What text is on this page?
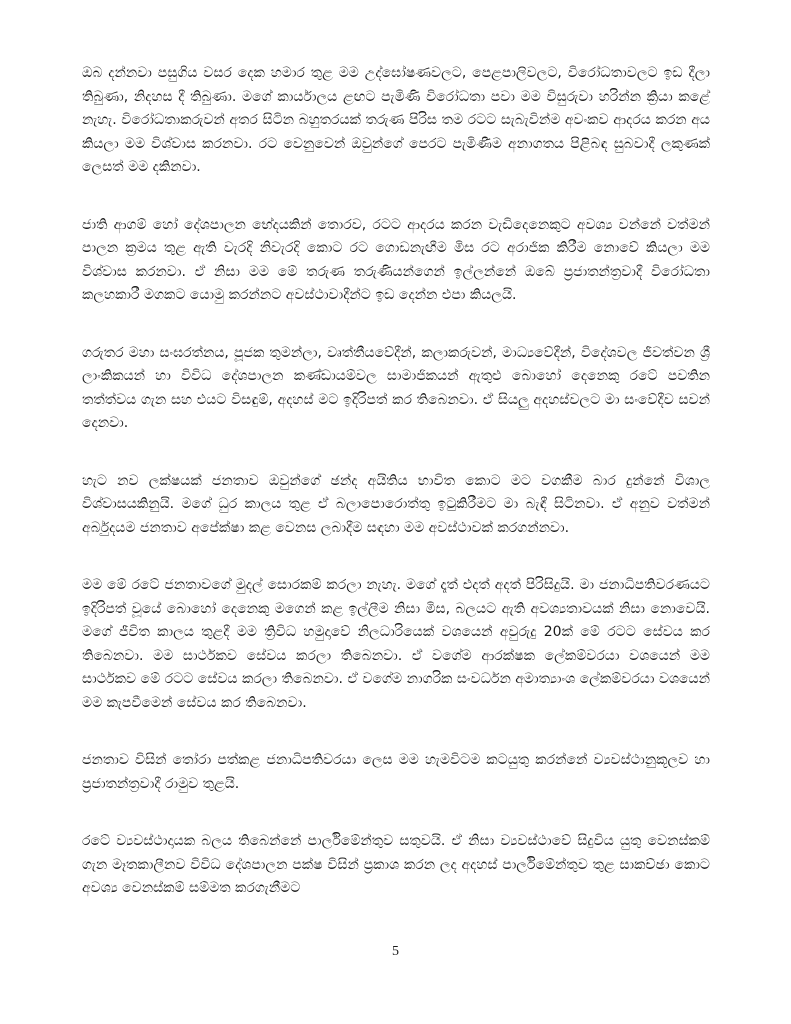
ඔබ දන්නවා පසුගිය වසර දෙක හමාර තුළ මම උද්ඝෝෂණවලට, පෙළපාලිවලට, විරෝධතාවලට ඉඩ දීලා තිබුණා, නිදහස දී තිබුණා. මගේ කාර්යාලය ළඟට පැමිණි විරෝධතා පවා මම විසුරුවා හරින්න ක්‍රියා කළේ නැහැ. විරෝධතාකරුවන් අතර සිටින බහුතරයක් තරුණ පිරිස තම රටට සැබැවින්ම අවංකව ආදරය කරන අය කියලා මම විශ්වාස කරනවා. රට වෙනුවෙන් ඔවුන්ගේ පෙරට පැමිණීම අනාගතය පිළිබඳ සුබවාදී ලකුණක් ලෙසත් මම දකිනවා.

ජාති ආගම් හෝ දේශපාලන භේදයකින් තොරව, රටට ආදරය කරන වැඩිදෙනෙකුට අවශ්‍ය වන්නේ වත්මන් පාලන ක්‍රමය තුළ ඇති වැරදි නිවැරදි කොට රට ගොඩනැඟීම මිස රට අරාජික කිරීම නොවේ කියලා මම විශ්වාස කරනවා. ඒ නිසා මම මේ තරුණ තරුණියන්ගෙන් ඉල්ලන්නේ ඔබේ ප්‍රජාතන්ත්‍රවාදී විරෝධතා කලහකාරී මගකට යොමු කරන්නට අවස්ථාවාදීන්ට ඉඩ දෙන්න එපා කියලයි.

ගරුතර මහා සංඝරත්නය, පූජක තුමන්ලා, වෘත්තීයවේදීන්, කලාකරුවන්, මාධ්‍යවේදීන්, විදේශවල ජීවත්වන ශ්‍රී ලාංකිකයන් හා විවිධ දේශපාලන කණ්ඩායම්වල සාමාජිකයන් ඇතුළු බොහෝ දෙනෙකු රටේ පවතින තත්ත්වය ගැන සහ එයට විසඳුම්, අදහස් මට ඉදිරිපත් කර තිබෙනවා. ඒ සියලු අදහස්වලට මා සංවේදීව සවන් දෙනවා.

හැට නව ලක්ෂයක් ජනතාව ඔවුන්ගේ ඡන්ද අයිතිය භාවිත කොට මට වගකීම බාර දුන්නේ විශාල විශ්වාසයකිනුයි. මගේ ධුර කාලය තුළ ඒ බලාපොරොත්තු ඉටුකිරීමට මා බැඳී සිටිනවා. ඒ අනුව වත්මන් අර්බුදයම ජනතාව අපේක්ෂා කළ වෙනස ලබාදීම සඳහා මම අවස්ථාවක් කරගන්නවා.

මම මේ රටේ ජනතාවගේ මුදල් සොරකම් කරලා නැහැ. මගේ දෑත් එදත් අදත් පිරිසිදුයි. මා ජනාධිපතිවරණයට ඉදිරිපත් වූයේ බොහෝ දෙනෙකු මගෙන් කළ ඉල්ලීම නිසා මිස, බලයට ඇති අවශ්‍යතාවයක් නිසා නොවෙයි. මගේ ජීවිත කාලය තුළදී මම ත්‍රිවිධ හමුදාවේ නිලධාරියෙක් වශයෙන් අවුරුදු 20ක් මේ රටට සේවය කර තිබෙනවා. මම සාර්ථකව සේවය කරලා තිබෙනවා. ඒ වගේම ආරක්ෂක ලේකම්වරයා වශයෙන් මම සාර්ථකව මේ රටට සේවය කරලා තිබෙනවා. ඒ වගේම නාගරික සංවර්ධන අමාත්‍යාංශ ලේකම්වරයා වශයෙන් මම කැපවීමෙන් සේවය කර තිබෙනවා.

ජනතාව විසින් තෝරා පත්කළ ජනාධිපතිවරයා ලෙස මම හැමවිටම කටයුතු කරන්නේ ව්‍යවස්ථානුකූලව හා ප්‍රජාතන්ත්‍රවාදී රාමුව තුළයි.

රටේ ව්‍යවස්ථාදායක බලය තිබෙන්නේ පාර්ලිමේන්තුව සතුවයි. ඒ නිසා ව්‍යවස්ථාවේ සිදුවිය යුතු වෙනස්කම් ගැන මෑතකාලීනව විවිධ දේශපාලන පක්ෂ විසින් ප්‍රකාශ කරන ලද අදහස් පාර්ලිමේන්තුව තුළ සාකච්ඡා කොට අවශ්‍ය වෙනස්කම් සම්මත කරගැනීමට

5
